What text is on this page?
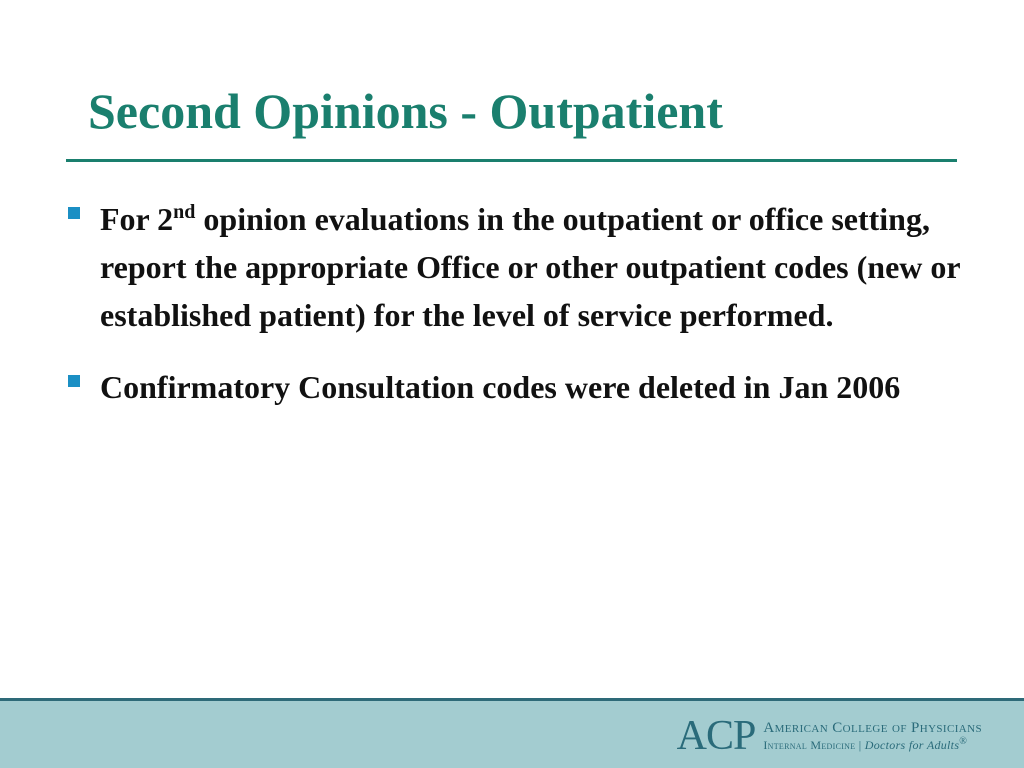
Second Opinions - Outpatient
For 2nd opinion evaluations in the outpatient or office setting, report the appropriate Office or other outpatient codes (new or established patient) for the level of service performed.
Confirmatory Consultation codes were deleted in Jan 2006
ACP American College of Physicians
Internal Medicine | Doctors for Adults®
